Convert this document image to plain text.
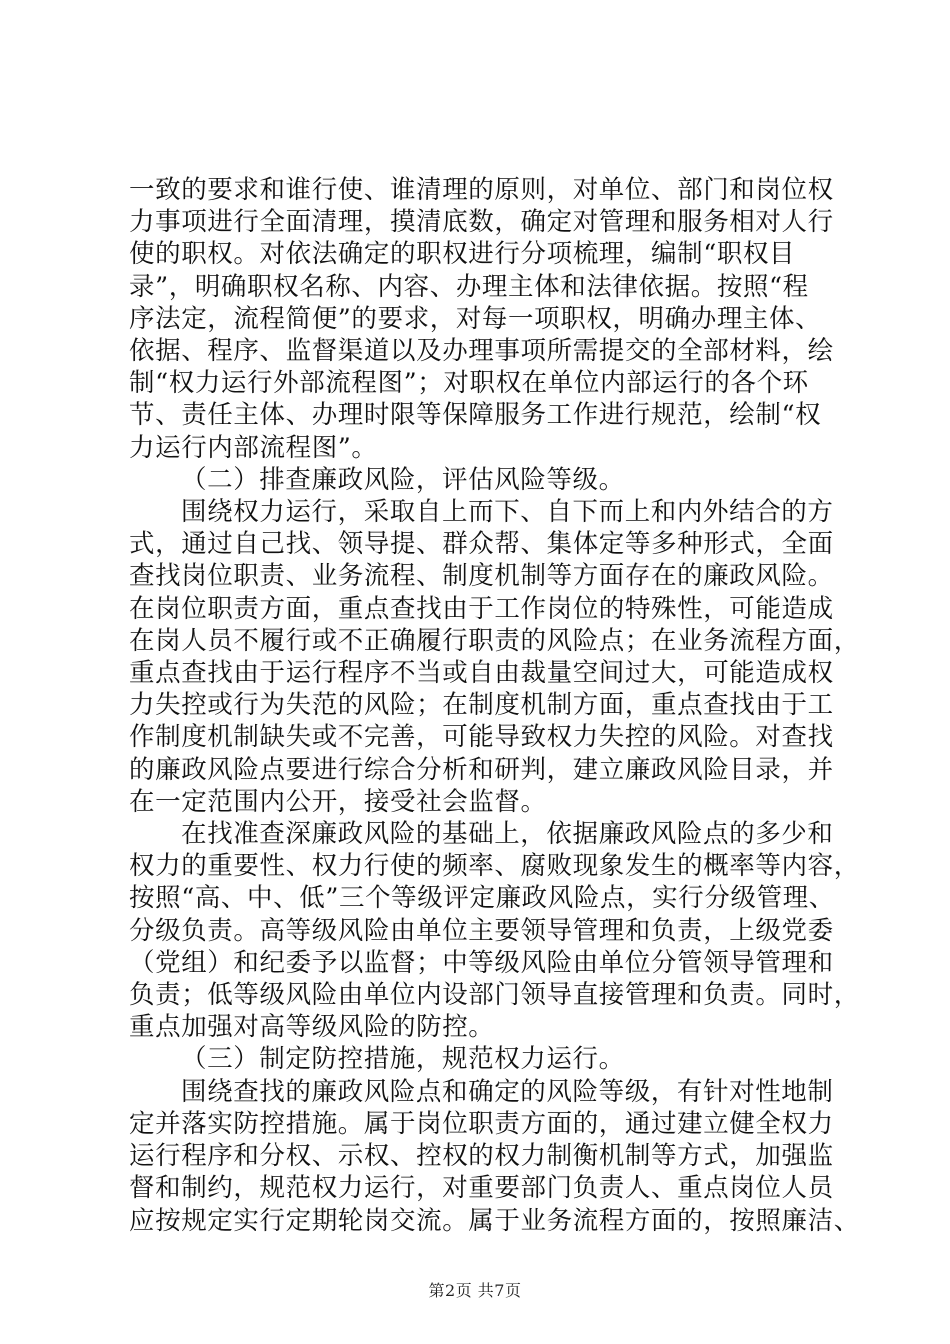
一致的要求和谁行使、谁清理的原则，对单位、部门和岗位权
力事项进行全面清理，摸清底数，确定对管理和服务相对人行
使的职权。对依法确定的职权进行分项梳理，编制“职权目
录”，明确职权名称、内容、办理主体和法律依据。按照“程
序法定，流程简便”的要求，对每一项职权，明确办理主体、
依据、程序、监督渠道以及办理事项所需提交的全部材料，绘
制“权力运行外部流程图”；对职权在单位内部运行的各个环
节、责任主体、办理时限等保障服务工作进行规范，绘制“权
力运行内部流程图”。
（二）排查廉政风险，评估风险等级。
围绕权力运行，采取自上而下、自下而上和内外结合的方
式，通过自己找、领导提、群众帮、集体定等多种形式，全面
查找岗位职责、业务流程、制度机制等方面存在的廉政风险。
在岗位职责方面，重点查找由于工作岗位的特殊性，可能造成
在岗人员不履行或不正确履行职责的风险点；在业务流程方面，
重点查找由于运行程序不当或自由裁量空间过大，可能造成权
力失控或行为失范的风险；在制度机制方面，重点查找由于工
作制度机制缺失或不完善，可能导致权力失控的风险。对查找
的廉政风险点要进行综合分析和研判，建立廉政风险目录，并
在一定范围内公开，接受社会监督。
在找准查深廉政风险的基础上，依据廉政风险点的多少和
权力的重要性、权力行使的频率、腐败现象发生的概率等内容，
按照“高、中、低”三个等级评定廉政风险点，实行分级管理、
分级负责。高等级风险由单位主要领导管理和负责，上级党委
（党组）和纪委予以监督；中等级风险由单位分管领导管理和
负责；低等级风险由单位内设部门领导直接管理和负责。同时，
重点加强对高等级风险的防控。
（三）制定防控措施，规范权力运行。
围绕查找的廉政风险点和确定的风险等级，有针对性地制
定并落实防控措施。属于岗位职责方面的，通过建立健全权力
运行程序和分权、示权、控权的权力制衡机制等方式，加强监
督和制约，规范权力运行，对重要部门负责人、重点岗位人员
应按规定实行定期轮岗交流。属于业务流程方面的，按照廉洁、
第2页 共7页
